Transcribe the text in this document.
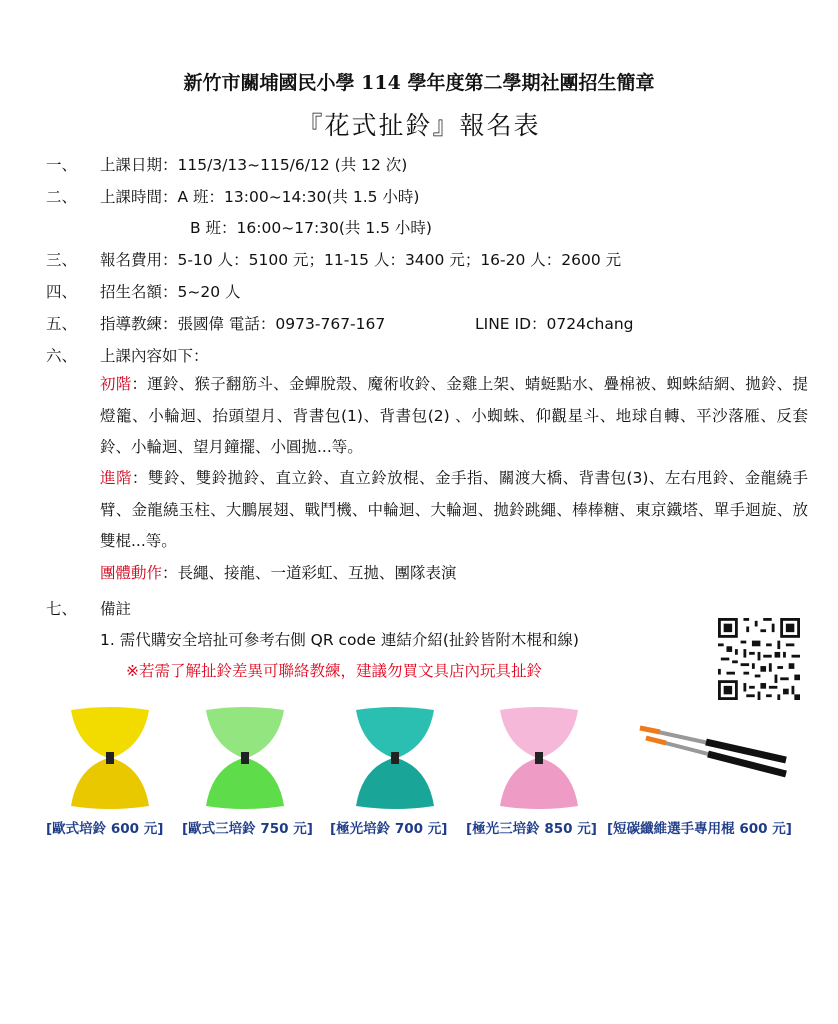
新竹市關埔國民小學 114 學年度第二學期社團招生簡章
『花式扯鈴』報名表
一、 上課日期：115/3/13~115/6/12 (共 12 次)
二、 上課時間：A 班：13:00~14:30(共 1.5 小時)
B 班：16:00~17:30(共 1.5 小時)
三、 報名費用：5-10 人：5100 元；11-15 人：3400 元；16-20 人：2600 元
四、 招生名額：5~20 人
五、 指導教練：張國偉 電話：0973-767-167	LINE ID：0724chang
六、 上課內容如下：
初階：運鈴、猴子翻筋斗、金蟬脫殼、魔術收鈴、金雞上架、蜻蜓點水、疊棉被、蜘蛛結網、拋鈴、提燈籠、小輪迴、抬頭望月、背書包(1)、背書包(2) 、小蜘蛛、仰觀星斗、地球自轉、平沙落雁、反套鈴、小輪迴、望月鐘擺、小圓拋...等。
進階：雙鈴、雙鈴拋鈴、直立鈴、直立鈴放棍、金手指、關渡大橋、背書包(3)、左右甩鈴、金龍繞手臂、金龍繞玉柱、大鵬展翅、戰鬥機、中輪迴、大輪迴、拋鈴跳繩、棒棒糖、東京鐵塔、單手迴旋、放雙棍...等。
團體動作：長繩、接龍、一道彩虹、互拋、團隊表演
七、 備註
1. 需代購安全培扯可參考右側 QR code 連結介紹(扯鈴皆附木棍和線)
※若需了解扯鈴差異可聯絡教練，建議勿買文具店內玩具扯鈴
[歐式培鈴 600 元] [歐式三培鈴 750 元] [極光培鈴 700 元] [極光三培鈴 850 元] [短碳纖維選手專用棍 600 元]
